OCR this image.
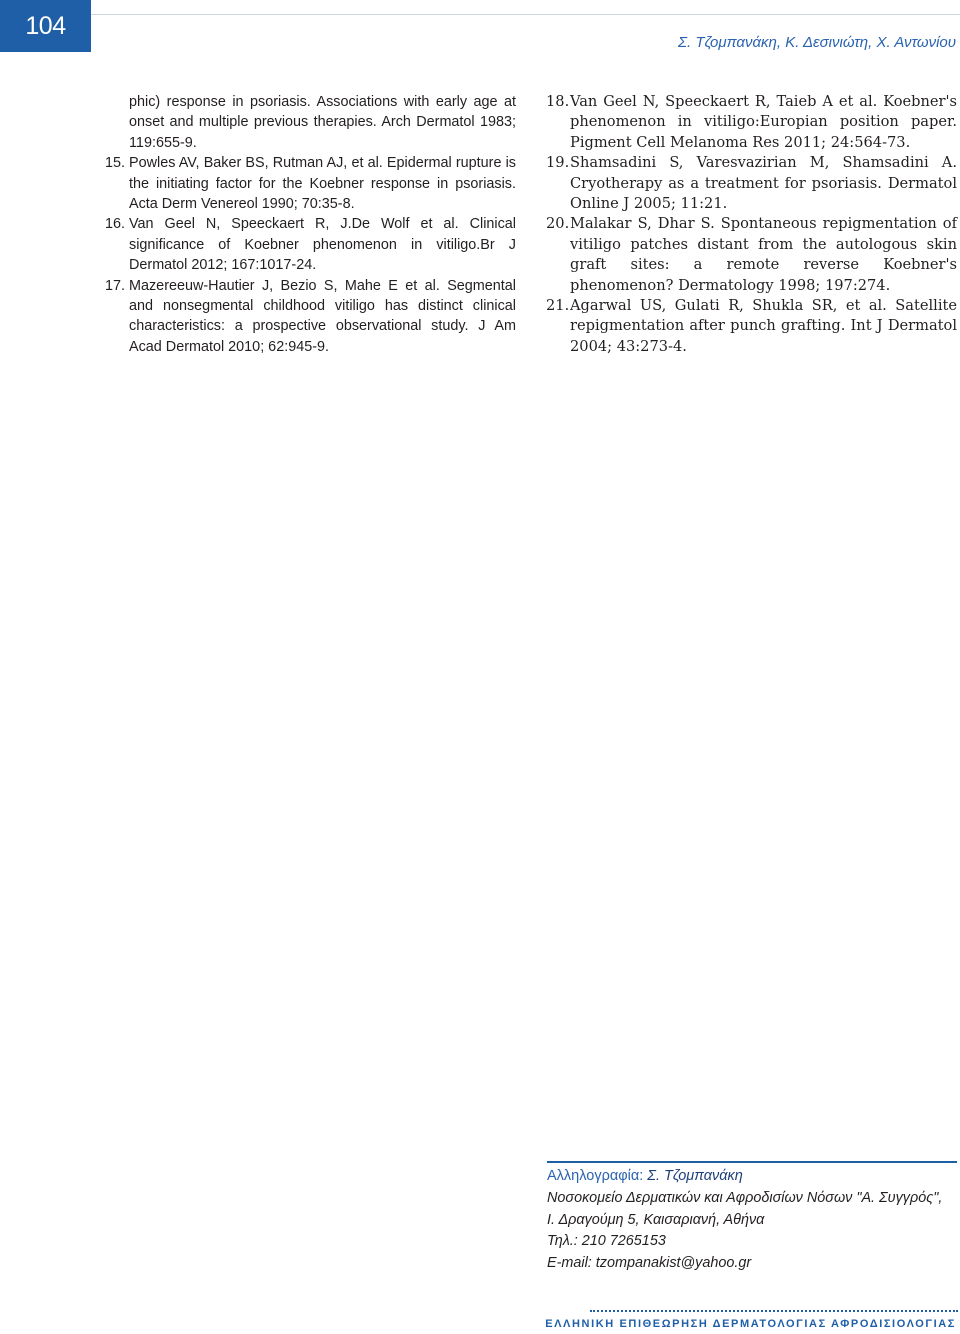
104
Σ. Τζομπανάκη, Κ. Δεσινιώτη, Χ. Αντωνίου

phic) response in psoriasis. Associations with early age at onset and multiple previous therapies. Arch Dermatol 1983; 119:655-9.

15. Powles AV, Baker BS, Rutman AJ, et al. Epidermal rupture is the initiating factor for the Koebner response in psoriasis. Acta Derm Venereol 1990; 70:35-8.

16. Van Geel N, Speeckaert R, J.De Wolf et al. Clinical significance of Koebner phenomenon in vitiligo.Br J Dermatol 2012; 167:1017-24.

17. Mazereeuw-Hautier J, Bezio S, Mahe E et al. Segmental and nonsegmental childhood vitiligo has distinct clinical characteristics: a prospective observational study. J Am Acad Dermatol 2010; 62:945-9.

18.Van Geel N, Speeckaert R, Taieb A et al. Koebner's phenomenon in vitiligo:Europian position paper. Pigment Cell Melanoma Res 2011; 24:564-73.

19.Shamsadini S, Varesvazirian M, Shamsadini A. Cryotherapy as a treatment for psoriasis. Dermatol Online J 2005; 11:21.

20.Malakar S, Dhar S. Spontaneous repigmentation of vitiligo patches distant from the autologous skin graft sites: a remote reverse Koebner's phenomenon? Dermatology 1998; 197:274.

21.Agarwal US, Gulati R, Shukla SR, et al. Satellite repigmentation after punch grafting. Int J Dermatol 2004; 43:273-4.

Αλληλογραφία: Σ. Τζομπανάκη

Νοσοκομείο Δερματικών και Αφροδισίων Νόσων "Α. Συγγρός",

Ι. Δραγούμη 5, Καισαριανή, Αθήνα

Τηλ.: 210 7265153

E-mail: tzompanakist@yahoo.gr

ΕΛΛΗΝΙΚΗ ΕΠΙΘΕΩΡΗΣΗ ΔΕΡΜΑΤΟΛΟΓΙΑΣ ΑΦΡΟΔΙΣΙΟΛΟΓΙΑΣ
